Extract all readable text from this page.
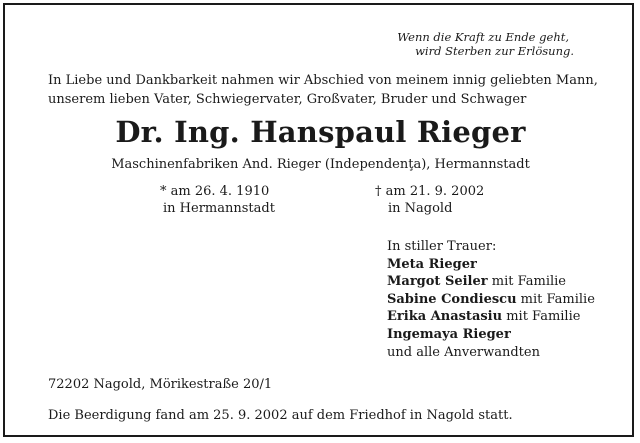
Wenn die Kraft zu Ende geht,
wird Sterben zur Erlösung.
In Liebe und Dankbarkeit nahmen wir Abschied von meinem innig geliebten Mann,
unserem lieben Vater, Schwiegervater, Großvater, Bruder und Schwager
Dr. Ing. Hanspaul Rieger
Maschinenfabriken And. Rieger (Independenţa), Hermannstadt
* am 26. 4. 1910
in Hermannstadt
† am 21. 9. 2002
in Nagold
In stiller Trauer:
Meta Rieger
Margot Seiler mit Familie
Sabine Condiescu mit Familie
Erika Anastasiu mit Familie
Ingemaya Rieger
und alle Anverwandten
72202 Nagold, Mörikestraße 20/1
Die Beerdigung fand am 25. 9. 2002 auf dem Friedhof in Nagold statt.
